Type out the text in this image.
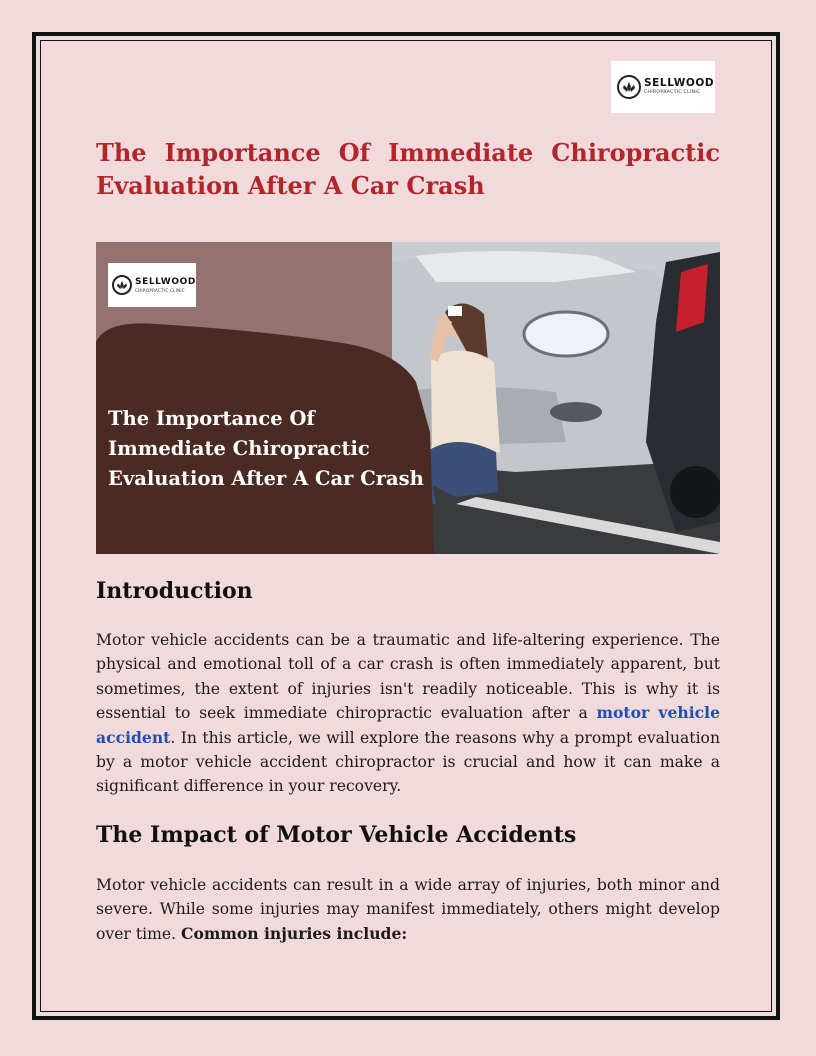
SELLWOOD
CHIROPRACTIC CLINIC
The Importance Of Immediate Chiropractic Evaluation After A Car Crash
SELLWOOD
CHIROPRACTIC CLINIC

The Importance Of Immediate Chiropractic Evaluation After A Car Crash

Introduction

Motor vehicle accidents can be a traumatic and life-altering experience. The physical and emotional toll of a car crash is often immediately apparent, but sometimes, the extent of injuries isn't readily noticeable. This is why it is essential to seek immediate chiropractic evaluation after a motor vehicle accident. In this article, we will explore the reasons why a prompt evaluation by a motor vehicle accident chiropractor is crucial and how it can make a significant difference in your recovery.

The Impact of Motor Vehicle Accidents

Motor vehicle accidents can result in a wide array of injuries, both minor and severe. While some injuries may manifest immediately, others might develop over time. Common injuries include:
